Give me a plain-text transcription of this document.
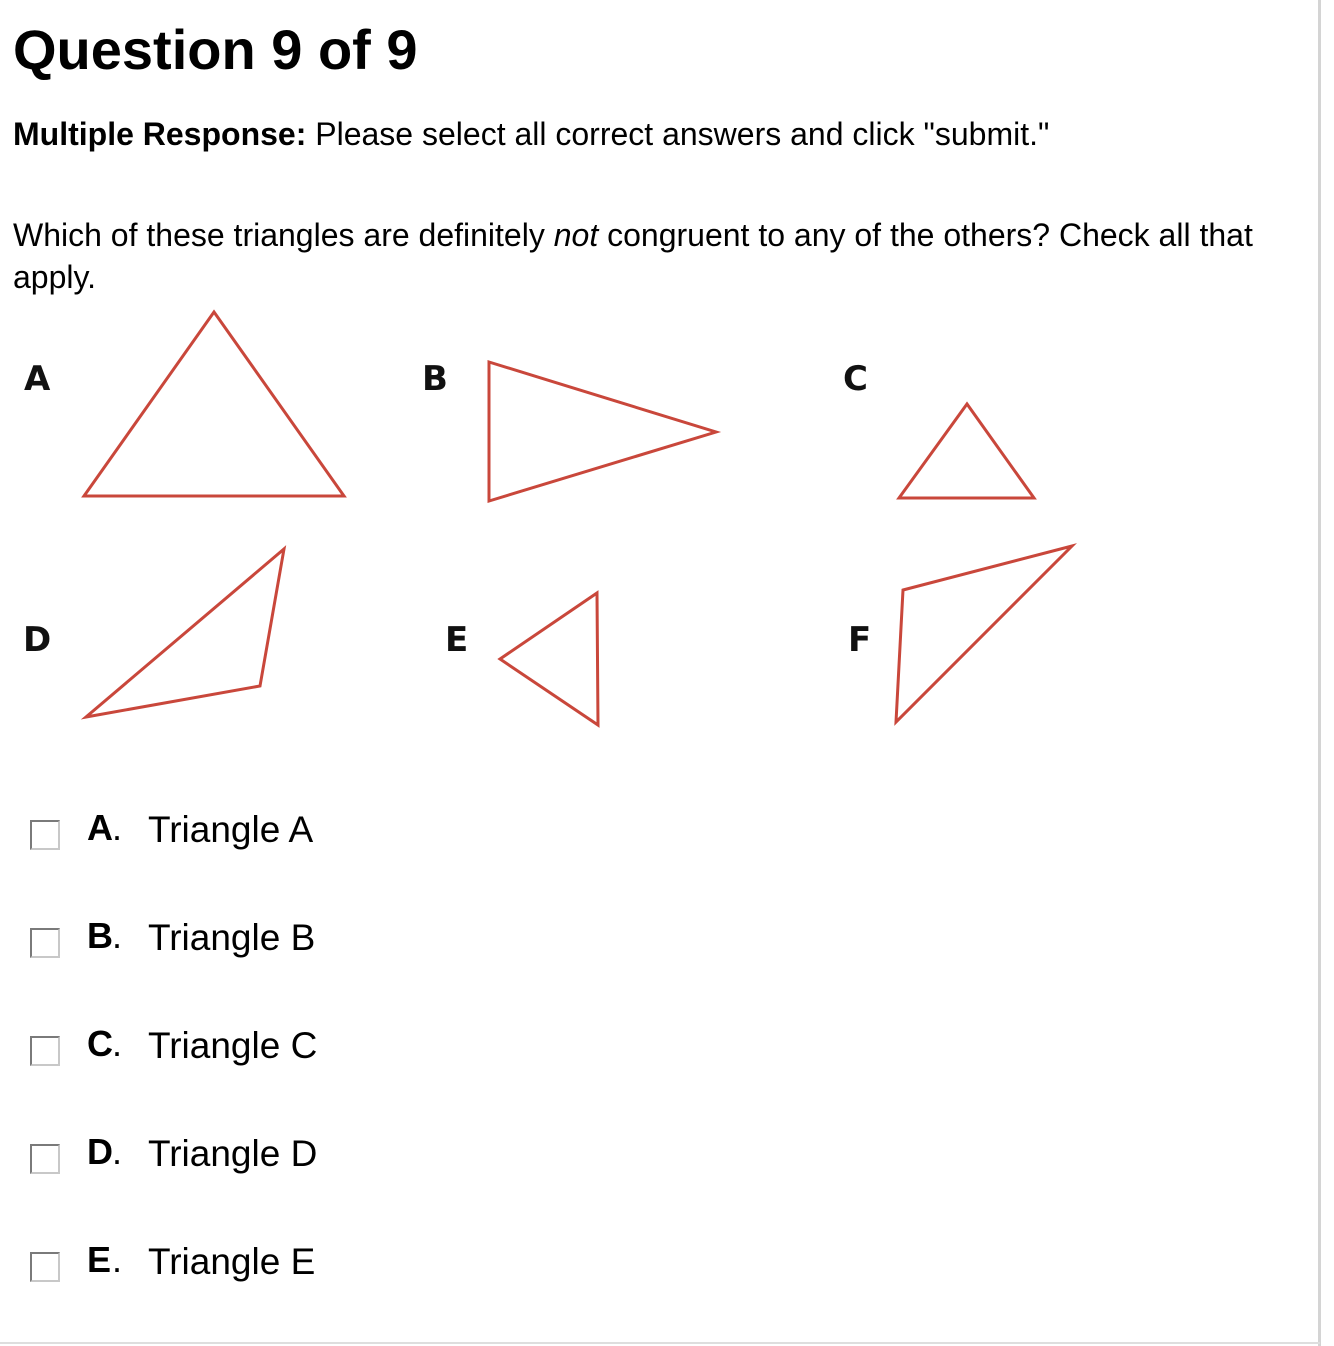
Question 9 of 9
Multiple Response: Please select all correct answers and click "submit."
Which of these triangles are definitely not congruent to any of the others? Check all that apply.
A	B	C
D	E	F
A . Triangle A
B . Triangle B
C . Triangle C
D . Triangle D
E . Triangle E
